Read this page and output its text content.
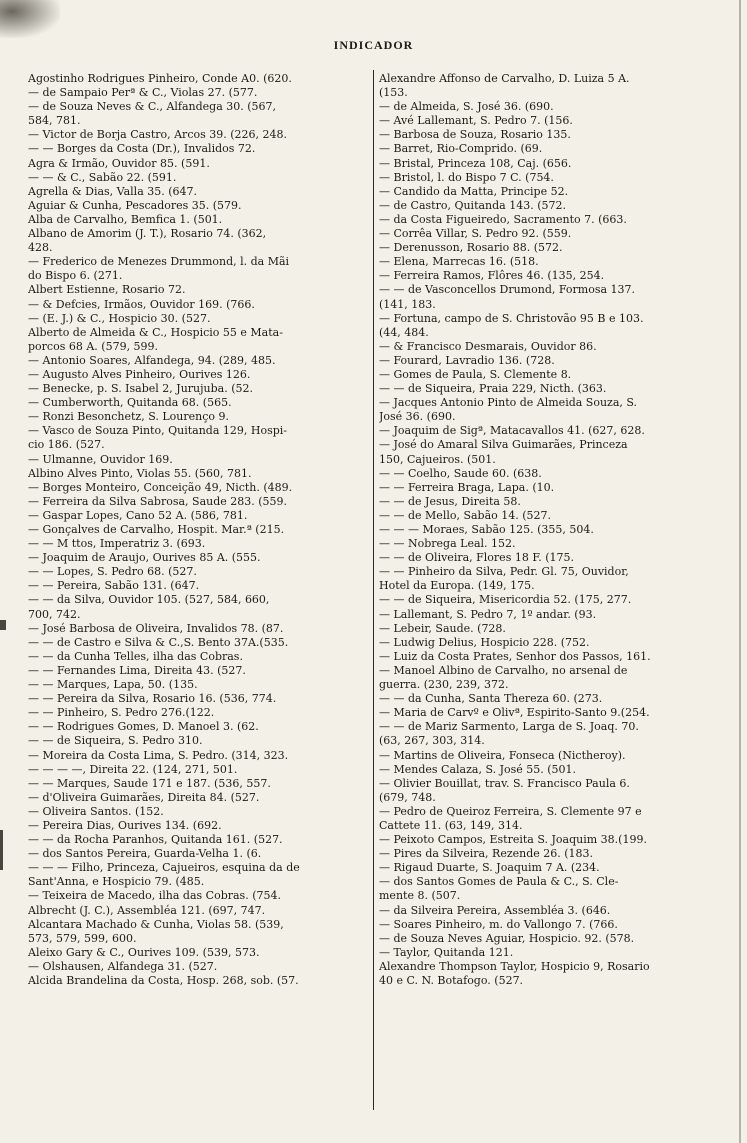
INDICADOR
Agostinho Rodrigues Pinheiro, Conde A0. (620.
— de Sampaio Perª & C., Violas 27. (577.
— de Souza Neves & C., Alfandega 30. (567,
584, 781.
— Victor de Borja Castro, Arcos 39. (226, 248.
— — Borges da Costa (Dr.), Invalidos 72.
Agra & Irmão, Ouvidor 85. (591.
— — & C., Sabão 22. (591.
Agrella & Dias, Valla 35. (647.
Aguiar & Cunha, Pescadores 35. (579.
Alba de Carvalho, Bemfica 1. (501.
Albano de Amorim (J. T.), Rosario 74. (362,
428.
— Frederico de Menezes Drummond, l. da Mãi
do Bispo 6. (271.
Albert Estienne, Rosario 72.
— & Defcies, Irmãos, Ouvidor 169. (766.
— (E. J.) & C., Hospicio 30. (527.
Alberto de Almeida & C., Hospicio 55 e Mata-
porcos 68 A. (579, 599.
— Antonio Soares, Alfandega, 94. (289, 485.
— Augusto Alves Pinheiro, Ourives 126.
— Benecke, p. S. Isabel 2, Jurujuba. (52.
— Cumberworth, Quitanda 68. (565.
— Ronzi Besonchetz, S. Lourenço 9.
— Vasco de Souza Pinto, Quitanda 129, Hospi-
cio 186. (527.
— Ulmanne, Ouvidor 169.
Albino Alves Pinto, Violas 55. (560, 781.
— Borges Monteiro, Conceição 49, Nicth. (489.
— Ferreira da Silva Sabrosa, Saude 283. (559.
— Gaspar Lopes, Cano 52 A. (586, 781.
— Gonçalves de Carvalho, Hospit. Mar.ª (215.
— — M ttos, Imperatriz 3. (693.
— Joaquim de Araujo, Ourives 85 A. (555.
— — Lopes, S. Pedro 68. (527.
— — Pereira, Sabão 131. (647.
— — da Silva, Ouvidor 105. (527, 584, 660,
700, 742.
— José Barbosa de Oliveira, Invalidos 78. (87.
— — de Castro e Silva & C.,S. Bento 37A.(535.
— — da Cunha Telles, ilha das Cobras.
— — Fernandes Lima, Direita 43. (527.
— — Marques, Lapa, 50. (135.
— — Pereira da Silva, Rosario 16. (536, 774.
— — Pinheiro, S. Pedro 276.(122.
— — Rodrigues Gomes, D. Manoel 3. (62.
— — de Siqueira, S. Pedro 310.
— Moreira da Costa Lima, S. Pedro. (314, 323.
— — — —, Direita 22. (124, 271, 501.
— — Marques, Saude 171 e 187. (536, 557.
— d'Oliveira Guimarães, Direita 84. (527.
— Oliveira Santos. (152.
— Pereira Dias, Ourives 134. (692.
— — da Rocha Paranhos, Quitanda 161. (527.
— dos Santos Pereira, Guarda-Velha 1. (6.
— — — Filho, Princeza, Cajueiros, esquina da de
Sant'Anna, e Hospicio 79. (485.
— Teixeira de Macedo, ilha das Cobras. (754.
Albrecht (J. C.), Assembléa 121. (697, 747.
Alcantara Machado & Cunha, Violas 58. (539,
573, 579, 599, 600.
Aleixo Gary & C., Ourives 109. (539, 573.
— Olshausen, Alfandega 31. (527.
Alcida Brandelina da Costa, Hosp. 268, sob. (57.
Alexandre Affonso de Carvalho, D. Luiza 5 A.
(153.
— de Almeida, S. José 36. (690.
— Avé Lallemant, S. Pedro 7. (156.
— Barbosa de Souza, Rosario 135.
— Barret, Rio-Comprido. (69.
— Bristal, Princeza 108, Caj. (656.
— Bristol, l. do Bispo 7 C. (754.
— Candido da Matta, Principe 52.
— de Castro, Quitanda 143. (572.
— da Costa Figueiredo, Sacramento 7. (663.
— Corrêa Villar, S. Pedro 92. (559.
— Derenusson, Rosario 88. (572.
— Elena, Marrecas 16. (518.
— Ferreira Ramos, Flôres 46. (135, 254.
— — de Vasconcellos Drumond, Formosa 137.
(141, 183.
— Fortuna, campo de S. Christovão 95 B e 103.
(44, 484.
— & Francisco Desmarais, Ouvidor 86.
— Fourard, Lavradio 136. (728.
— Gomes de Paula, S. Clemente 8.
— — de Siqueira, Praia 229, Nicth. (363.
— Jacques Antonio Pinto de Almeida Souza, S.
José 36. (690.
— Joaquim de Sigª, Matacavallos 41. (627, 628.
— José do Amaral Silva Guimarães, Princeza
150, Cajueiros. (501.
— — Coelho, Saude 60. (638.
— — Ferreira Braga, Lapa. (10.
— — de Jesus, Direita 58.
— — de Mello, Sabão 14. (527.
— — — Moraes, Sabão 125. (355, 504.
— — Nobrega Leal. 152.
— — de Oliveira, Flores 18 F. (175.
— — Pinheiro da Silva, Pedr. Gl. 75, Ouvidor,
Hotel da Europa. (149, 175.
— — de Siqueira, Misericordia 52. (175, 277.
— Lallemant, S. Pedro 7, 1º andar. (93.
— Lebeir, Saude. (728.
— Ludwig Delius, Hospicio 228. (752.
— Luiz da Costa Prates, Senhor dos Passos, 161.
— Manoel Albino de Carvalho, no arsenal de
guerra. (230, 239, 372.
— — da Cunha, Santa Thereza 60. (273.
— Maria de Carvº e Olivª, Espirito-Santo 9.(254.
— — de Mariz Sarmento, Larga de S. Joaq. 70.
(63, 267, 303, 314.
— Martins de Oliveira, Fonseca (Nictheroy).
— Mendes Calaza, S. José 55. (501.
— Olivier Bouillat, trav. S. Francisco Paula 6.
(679, 748.
— Pedro de Queiroz Ferreira, S. Clemente 97 e
Cattete 11. (63, 149, 314.
— Peixoto Campos, Estreita S. Joaquim 38.(199.
— Pires da Silveira, Rezende 26. (183.
— Rigaud Duarte, S. Joaquim 7 A. (234.
— dos Santos Gomes de Paula & C., S. Cle-
mente 8. (507.
— da Silveira Pereira, Assembléa 3. (646.
— Soares Pinheiro, m. do Vallongo 7. (766.
— de Souza Neves Aguiar, Hospicio. 92. (578.
— Taylor, Quitanda 121.
Alexandre Thompson Taylor, Hospicio 9, Rosario
40 e C. N. Botafogo. (527.
